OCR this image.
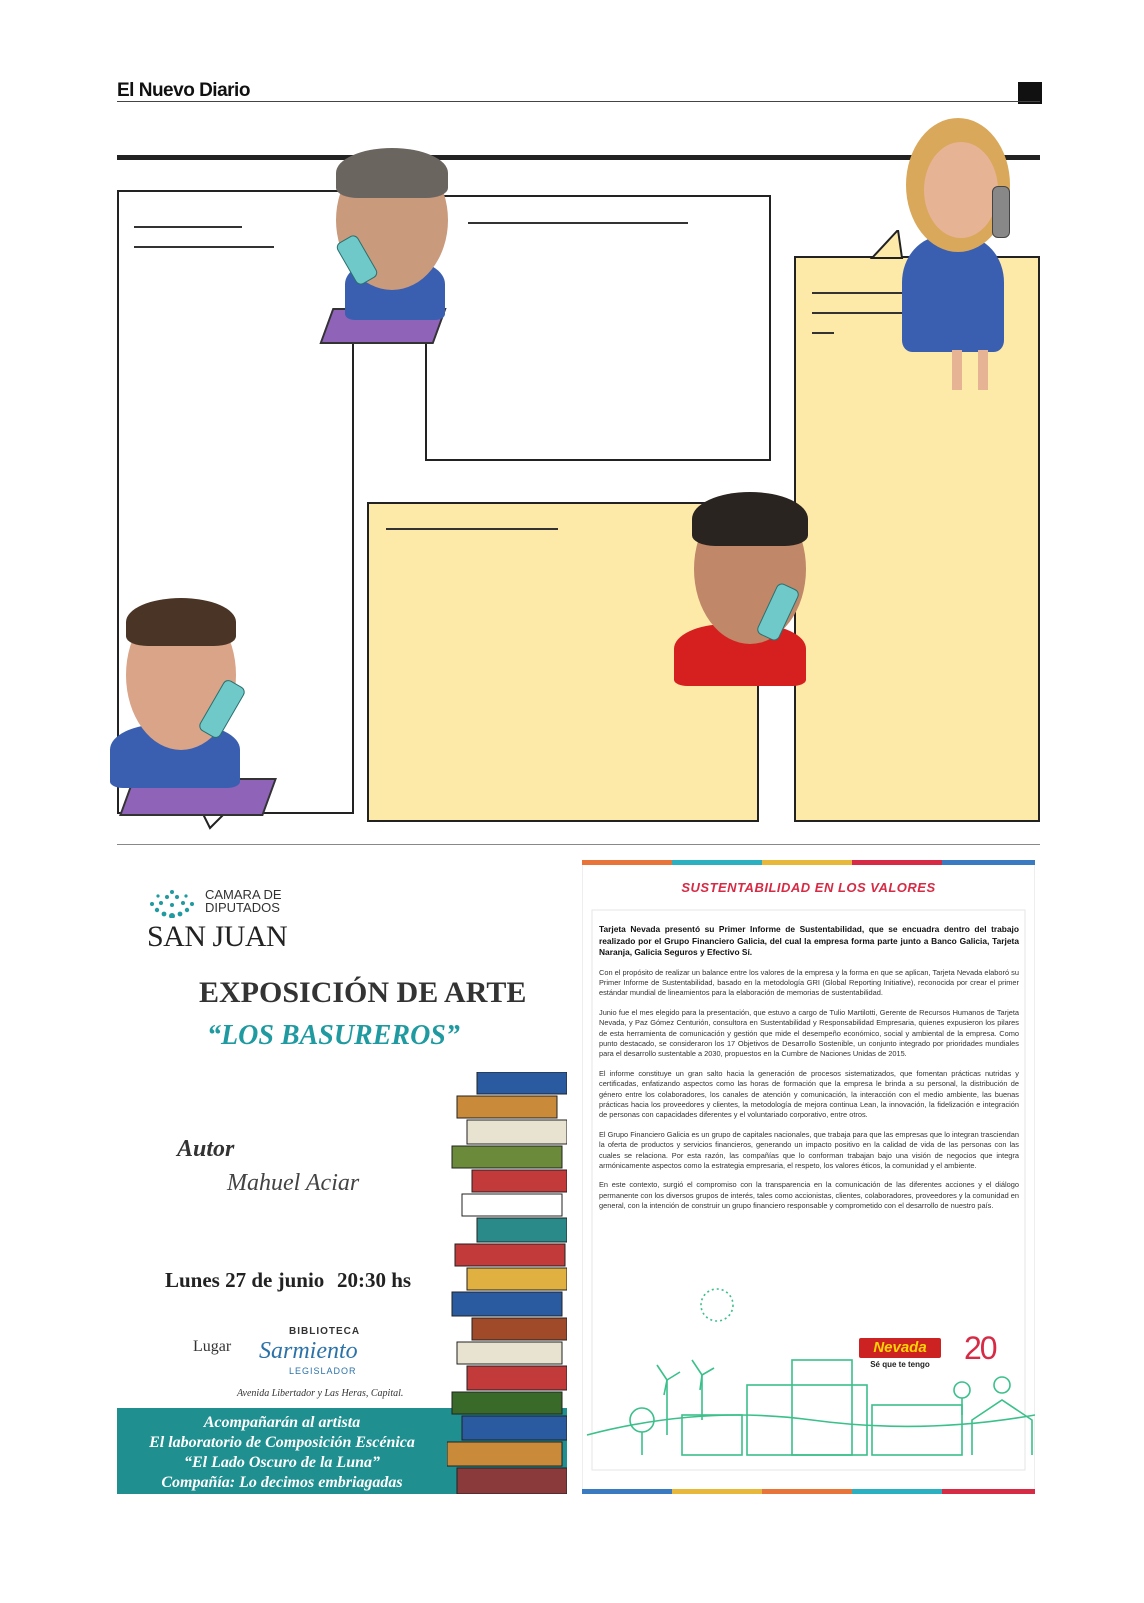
El Nuevo Diario
CAMARA DE
DIPUTADOS
SAN JUAN
EXPOSICIÓN DE ARTE
“LOS BASUREROS”
Autor
Mahuel Aciar
Lunes 27 de junio 20:30 hs
Lugar
BIBLIOTECA
Sarmiento
LEGISLADOR
Avenida Libertador y Las Heras, Capital.
Acompañarán al artista
El laboratorio de Composición Escénica
“El Lado Oscuro de la Luna”
Compañía: Lo decimos embriagadas
SUSTENTABILIDAD EN LOS VALORES

Tarjeta Nevada presentó su Primer Informe de Sustentabilidad, que se encuadra dentro del trabajo realizado por el Grupo Financiero Galicia, del cual la empresa forma parte junto a Banco Galicia, Tarjeta Naranja, Galicia Seguros y Efectivo Sí.

Con el propósito de realizar un balance entre los valores de la empresa y la forma en que se aplican, Tarjeta Nevada elaboró su Primer Informe de Sustentabilidad, basado en la metodología GRI (Global Reporting Initiative), reconocida por crear el primer estándar mundial de lineamientos para la elaboración de memorias de sustentabilidad.

Junio fue el mes elegido para la presentación, que estuvo a cargo de Tulio Martilotti, Gerente de Recursos Humanos de Tarjeta Nevada, y Paz Gómez Centurión, consultora en Sustentabilidad y Responsabilidad Empresaria, quienes expusieron los pilares de esta herramienta de comunicación y gestión que mide el desempeño económico, social y ambiental de la empresa. Como punto destacado, se consideraron los 17 Objetivos de Desarrollo Sostenible, un conjunto integrado por prioridades mundiales para el desarrollo sustentable a 2030, propuestos en la Cumbre de Naciones Unidas de 2015.

El informe constituye un gran salto hacia la generación de procesos sistematizados, que fomentan prácticas nutridas y certificadas, enfatizando aspectos como las horas de formación que la empresa le brinda a su personal, la distribución de género entre los colaboradores, los canales de atención y comunicación, la interacción con el medio ambiente, las buenas prácticas hacia los proveedores y clientes, la metodología de mejora continua Lean, la innovación, la fidelización e integración de personas con capacidades diferentes y el voluntariado corporativo, entre otros.

El Grupo Financiero Galicia es un grupo de capitales nacionales, que trabaja para que las empresas que lo integran trasciendan la oferta de productos y servicios financieros, generando un impacto positivo en la calidad de vida de las personas con las cuales se relaciona. Por esta razón, las compañías que lo conforman trabajan bajo una visión de negocios que integra armónicamente aspectos como la estrategia empresaria, el respeto, los valores éticos, la comunidad y el ambiente.

En este contexto, surgió el compromiso con la transparencia en la comunicación de las diferentes acciones y el diálogo permanente con los diversos grupos de interés, tales como accionistas, clientes, colaboradores, proveedores y la comunidad en general, con la intención de construir un grupo financiero responsable y comprometido con el desarrollo de nuestro país.

Nevada
Sé que te tengo	20
